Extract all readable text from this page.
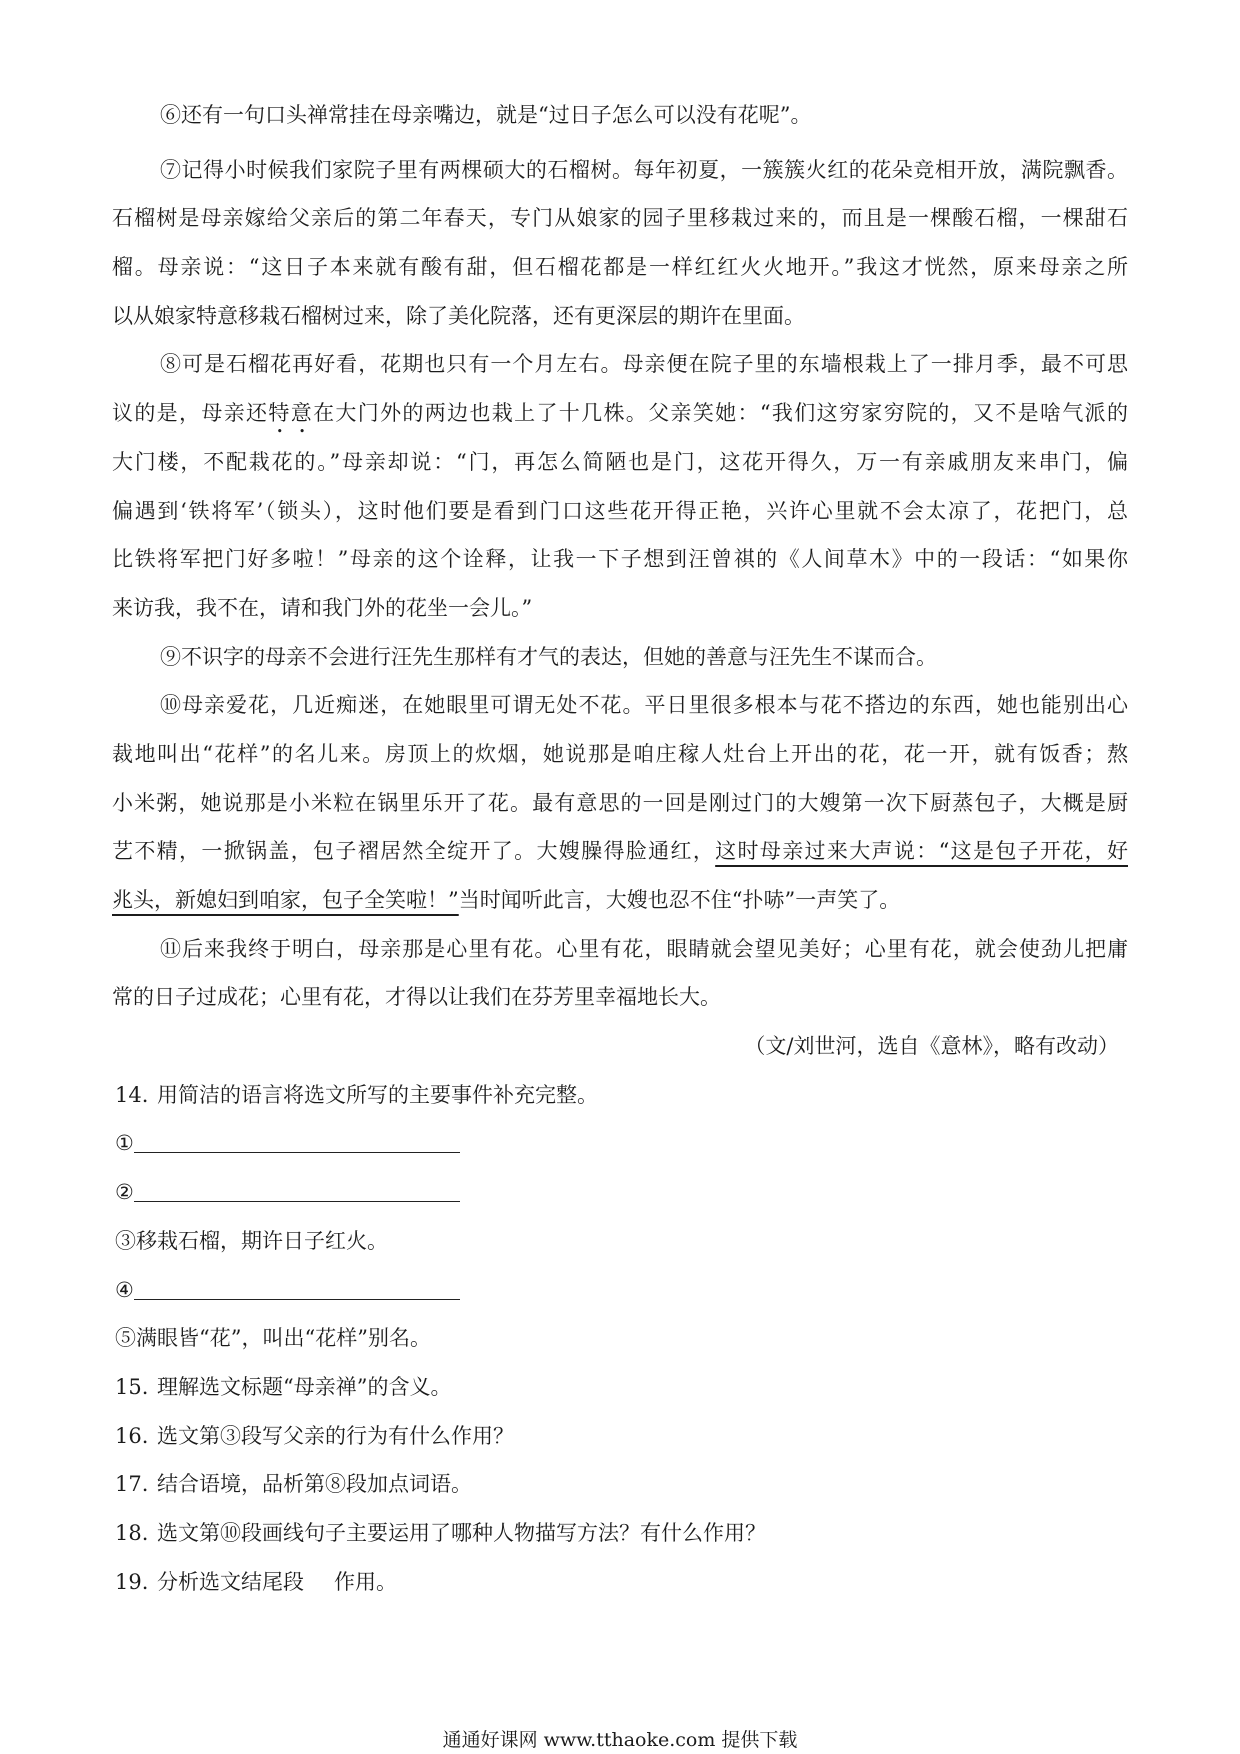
⑥还有一句口头禅常挂在母亲嘴边，就是“过日子怎么可以没有花呢”。
⑦记得小时候我们家院子里有两棵硕大的石榴树。每年初夏，一簇簇火红的花朵竞相开放，满院飘香。
石榴树是母亲嫁给父亲后的第二年春天，专门从娘家的园子里移栽过来的，而且是一棵酸石榴，一棵甜石
榴。母亲说：“这日子本来就有酸有甜，但石榴花都是一样红红火火地开。”我这才恍然，原来母亲之所
以从娘家特意移栽石榴树过来，除了美化院落，还有更深层的期许在里面。
⑧可是石榴花再好看，花期也只有一个月左右。母亲便在院子里的东墙根栽上了一排月季，最不可思
议的是，母亲还特意在大门外的两边也栽上了十几株。父亲笑她：“我们这穷家穷院的，又不是啥气派的
大门楼，不配栽花的。”母亲却说：“门，再怎么简陋也是门，这花开得久，万一有亲戚朋友来串门，偏
偏遇到‘铁将军’（锁头），这时他们要是看到门口这些花开得正艳，兴许心里就不会太凉了，花把门，总
比铁将军把门好多啦！”母亲的这个诠释，让我一下子想到汪曾祺的《人间草木》中的一段话：“如果你
来访我，我不在，请和我门外的花坐一会儿。”
⑨不识字的母亲不会进行汪先生那样有才气的表达，但她的善意与汪先生不谋而合。
⑩母亲爱花，几近痴迷，在她眼里可谓无处不花。平日里很多根本与花不搭边的东西，她也能别出心
裁地叫出“花样”的名儿来。房顶上的炊烟，她说那是咱庄稼人灶台上开出的花，花一开，就有饭香；熬
小米粥，她说那是小米粒在锅里乐开了花。最有意思的一回是刚过门的大嫂第一次下厨蒸包子，大概是厨
艺不精，一掀锅盖，包子褶居然全绽开了。大嫂臊得脸通红，这时母亲过来大声说：“这是包子开花，好
兆头，新媳妇到咱家，包子全笑啦！”当时闻听此言，大嫂也忍不住“扑哧”一声笑了。
⑪后来我终于明白，母亲那是心里有花。心里有花，眼睛就会望见美好；心里有花，就会使劲儿把庸
常的日子过成花；心里有花，才得以让我们在芬芳里幸福地长大。
（文/刘世河，选自《意林》，略有改动）
14. 用简洁的语言将选文所写的主要事件补充完整。
①
②
③移栽石榴，期许日子红火。
④
⑤满眼皆“花”，叫出“花样”别名。
15. 理解选文标题“母亲禅”的含义。
16. 选文第③段写父亲的行为有什么作用？
17. 结合语境，品析第⑧段加点词语。
18. 选文第⑩段画线句子主要运用了哪种人物描写方法？有什么作用？
19. 分析选文结尾段 作用。
通通好课网 www.tthaoke.com 提供下载
